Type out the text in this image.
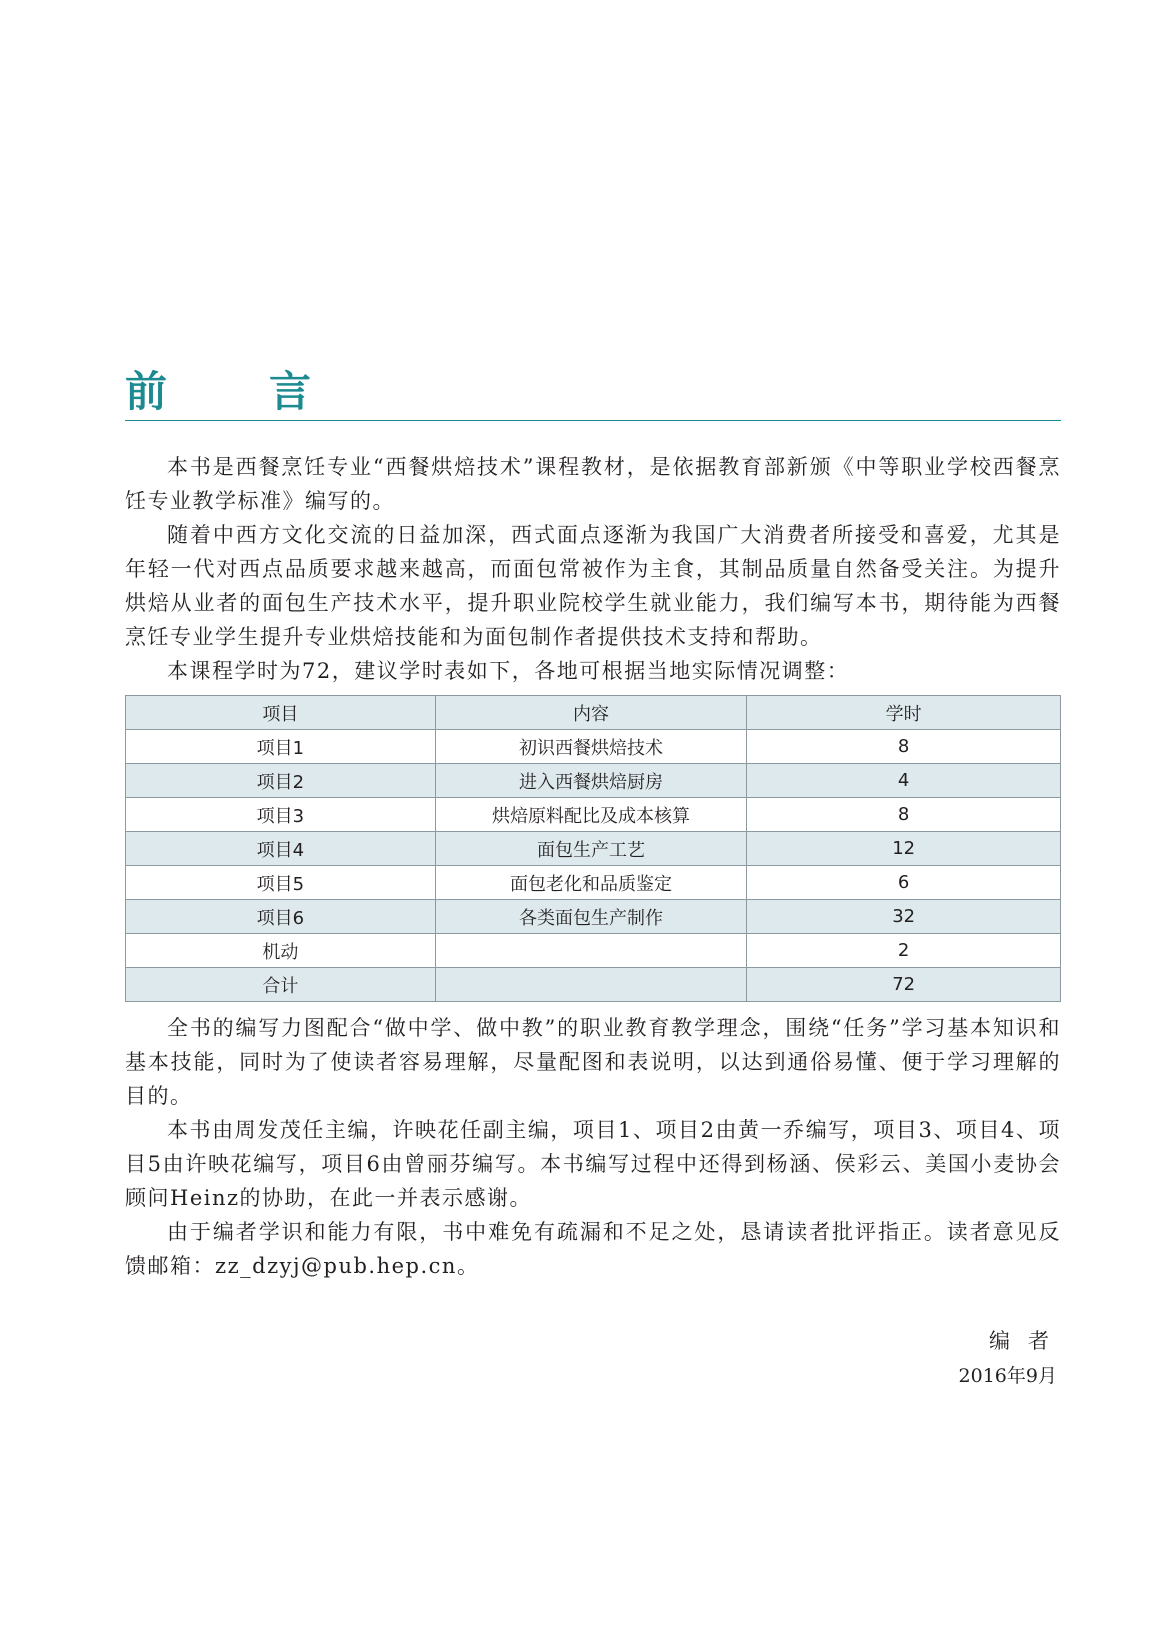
前　言

本书是西餐烹饪专业“西餐烘焙技术”课程教材，是依据教育部新颁《中等职业学校西餐烹饪专业教学标准》编写的。

随着中西方文化交流的日益加深，西式面点逐渐为我国广大消费者所接受和喜爱，尤其是年轻一代对西点品质要求越来越高，而面包常被作为主食，其制品质量自然备受关注。为提升烘焙从业者的面包生产技术水平，提升职业院校学生就业能力，我们编写本书，期待能为西餐烹饪专业学生提升专业烘焙技能和为面包制作者提供技术支持和帮助。

本课程学时为72，建议学时表如下，各地可根据当地实际情况调整：

项目	内容	学时
项目1	初识西餐烘焙技术	8
项目2	进入西餐烘焙厨房	4
项目3	烘焙原料配比及成本核算	8
项目4	面包生产工艺	12
项目5	面包老化和品质鉴定	6
项目6	各类面包生产制作	32
机动		2
合计		72

全书的编写力图配合“做中学、做中教”的职业教育教学理念，围绕“任务”学习基本知识和基本技能，同时为了使读者容易理解，尽量配图和表说明，以达到通俗易懂、便于学习理解的目的。

本书由周发茂任主编，许映花任副主编，项目1、项目2由黄一乔编写，项目3、项目4、项目5由许映花编写，项目6由曾丽芬编写。本书编写过程中还得到杨涵、侯彩云、美国小麦协会顾问Heinz的协助，在此一并表示感谢。

由于编者学识和能力有限，书中难免有疏漏和不足之处，恳请读者批评指正。读者意见反馈邮箱：zz_dzyj@pub.hep.cn。

编者
2016年9月
